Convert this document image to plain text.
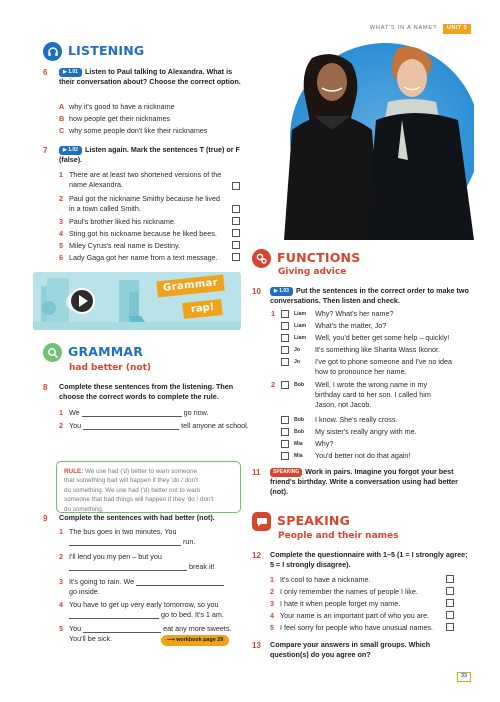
WHAT'S IN A NAME?	UNIT 3
LISTENING
6	▶ 1.01 Listen to Paul talking to Alexandra. What is their conversation about? Choose the correct option.
A why it's good to have a nickname
B how people get their nicknames
C why some people don't like their nicknames
7	▶ 1.02 Listen again. Mark the sentences T (true) or F (false).
1 There are at least two shortened versions of the
name Alexandra.
2 Paul got the nickname Smithy because he lived
in a town called Smith.
3 Paul's brother liked his nickname.
4 Sting got his nickname because he liked bees.
5 Miley Cyrus's real name is Destiny.
6 Lady Gaga got her name from a text message.
Grammar
rap!
GRAMMAR
had better (not)
8 Complete these sentences from the listening. Then choose the correct words to complete the rule.
1 We	go now.
2 You	tell anyone at school.
RULE: We use had ('d) better to warn someone
that something bad will happen if they 'do / don't
do something. We use had ('d) better not to warn
someone that bad things will happen if they 'do / don't
do something.
9 Complete the sentences with had better (not).
1 The bus goes in two minutes. You
run.
2 I'll lend you my pen – but you
break it!
3 It's going to rain. We
go inside.
4 You have to get up very early tomorrow, so you
go to bed. It's 1 am.
5 You	eat any more sweets.
You'll be sick.	⟶ workbook page 29
FUNCTIONS
Giving advice
10	▶ 1.03 Put the sentences in the correct order to make two conversations. Then listen and check.
1	Liam Why? What's her name?
Liam What's the matter, Jo?
Liam Well, you'd better get some help – quickly!
Jo It's something like Sharita Wass Ikonor.
Jo I've got to phone someone and I've no idea
how to pronounce her name.
2	Bob Well, I wrote the wrong name in my
birthday card to her son. I called him
Jason, not Jacob.
Bob I know. She's really cross.
Bob My sister's really angry with me.
Mia Why?
Mia You'd better not do that again!
11	SPEAKING Work in pairs. Imagine you forgot your best friend's birthday. Write a conversation using had better (not).
SPEAKING
People and their names
12 Complete the questionnaire with 1–5 (1 = I strongly agree; 5 = I strongly disagree).
1 It's cool to have a nickname.
2 I only remember the names of people I like.
3 I hate it when people forget my name.
4 Your name is an important part of who you are.
5 I feel sorry for people who have unusual names.
13 Compare your answers in small groups. Which question(s) do you agree on?
33
